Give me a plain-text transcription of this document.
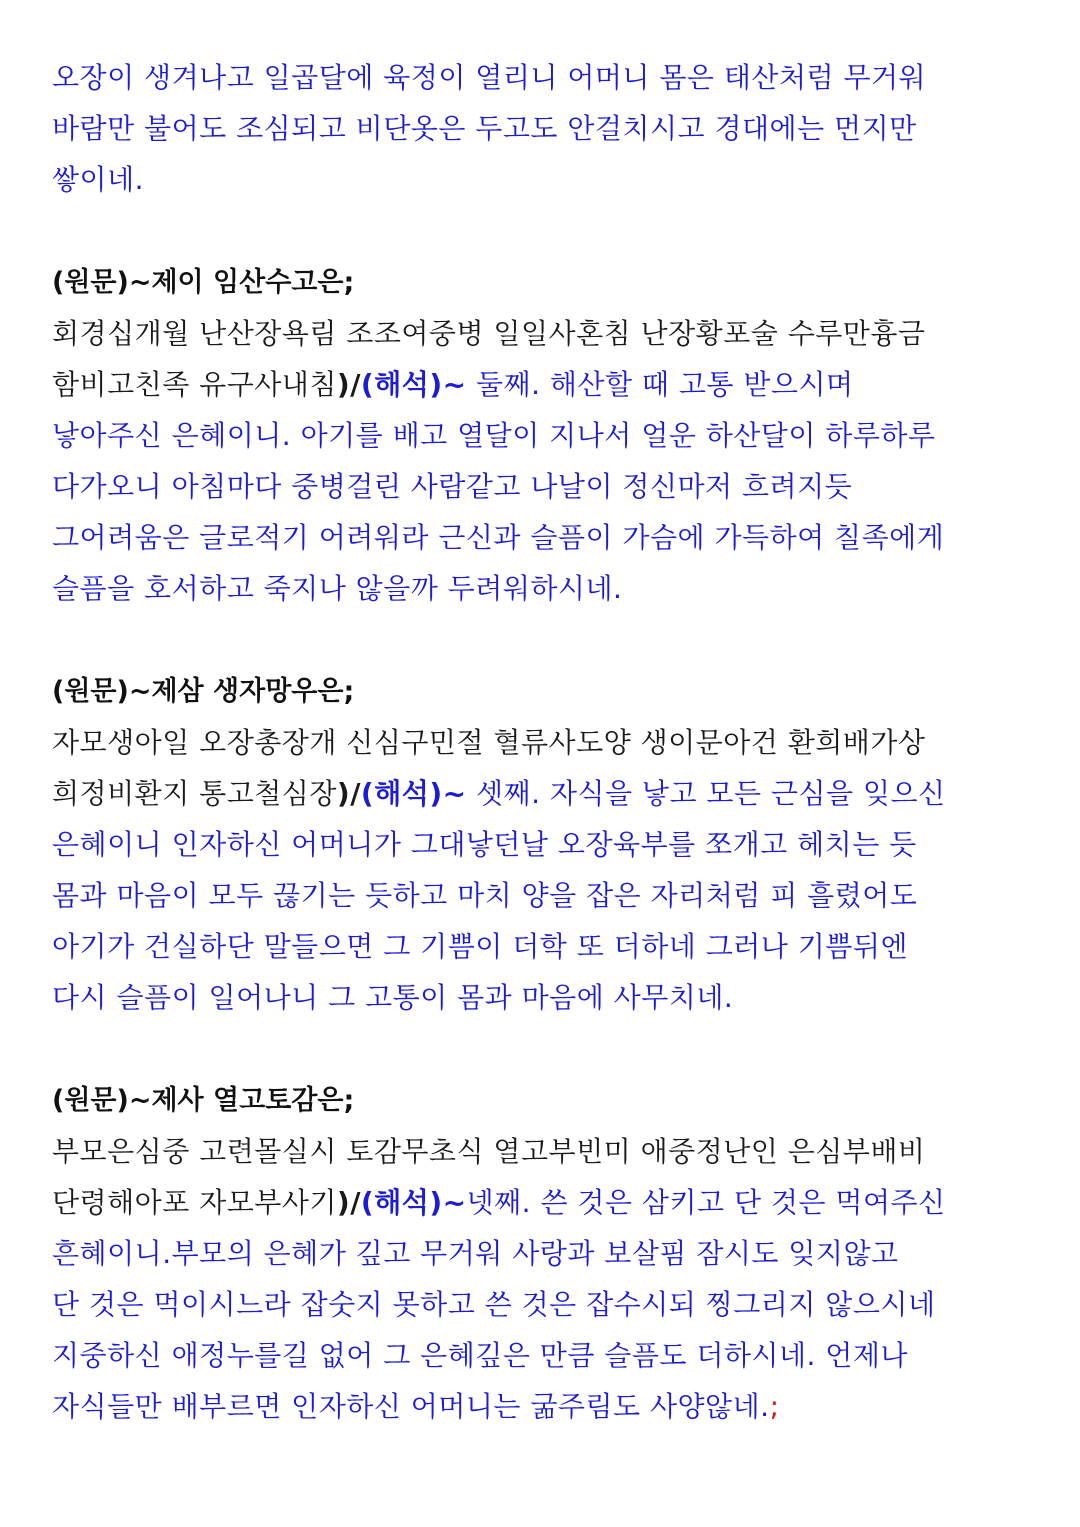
오장이 생겨나고 일곱달에 육정이 열리니 어머니 몸은 태산처럼 무거워
바람만 불어도 조심되고 비단옷은 두고도 안걸치시고 경대에는 먼지만
쌓이네.
(원문)~제이 임산수고은;
회경십개월 난산장욕림 조조여중병 일일사혼침 난장황포술 수루만흉금
함비고친족 유구사내침)/(해석)~ 둘째. 해산할 때 고통 받으시며
낳아주신 은혜이니. 아기를 배고 열달이 지나서 얼운 하산달이 하루하루
다가오니 아침마다 중병걸린 사람같고 나날이 정신마저 흐려지듯
그어려움은 글로적기 어려워라 근신과 슬픔이 가슴에 가득하여 칠족에게
슬픔을 호서하고 죽지나 않을까 두려워하시네.
(원문)~제삼 생자망우은;
자모생아일 오장총장개 신심구민절 혈류사도양 생이문아건 환희배가상
희정비환지 통고철심장)/(해석)~ 셋째. 자식을 낳고 모든 근심을 잊으신
은혜이니 인자하신 어머니가 그대낳던날 오장육부를 쪼개고 헤치는 듯
몸과 마음이 모두 끊기는 듯하고 마치 양을 잡은 자리처럼 피 흘렸어도
아기가 건실하단 말들으면 그 기쁨이 더학 또 더하네 그러나 기쁨뒤엔
다시 슬픔이 일어나니 그 고통이 몸과 마음에 사무치네.
(원문)~제사 열고토감은;
부모은심중 고련몰실시 토감무초식 열고부빈미 애중정난인 은심부배비
단령해아포 자모부사기)/(해석)~넷째. 쓴 것은 삼키고 단 것은 먹여주신
흔혜이니.부모의 은혜가 깊고 무거워 사랑과 보살핌 잠시도 잊지않고
단 것은 먹이시느라 잡숫지 못하고 쓴 것은 잡수시되 찡그리지 않으시네
지중하신 애정누를길 없어 그 은혜깊은 만큼 슬픔도 더하시네. 언제나
자식들만 배부르면 인자하신 어머니는 굶주림도 사양않네.;
